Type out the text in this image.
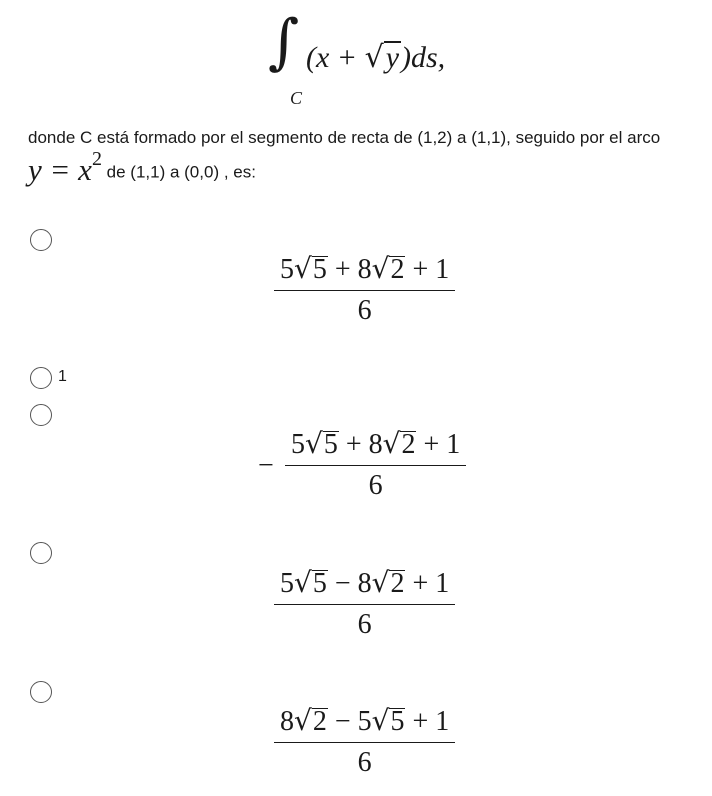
∫
C
(x + √y)ds,
donde C está formado por el segmento de recta de (1,2) a (1,1), seguido por el arco
$y = x^2$ de (1,1) a (0,0) , es:
5√5 + 8√2 + 1
6
1
−
5√5 + 8√2 + 1
6
5√5 − 8√2 + 1
6
8√2 − 5√5 + 1
6
